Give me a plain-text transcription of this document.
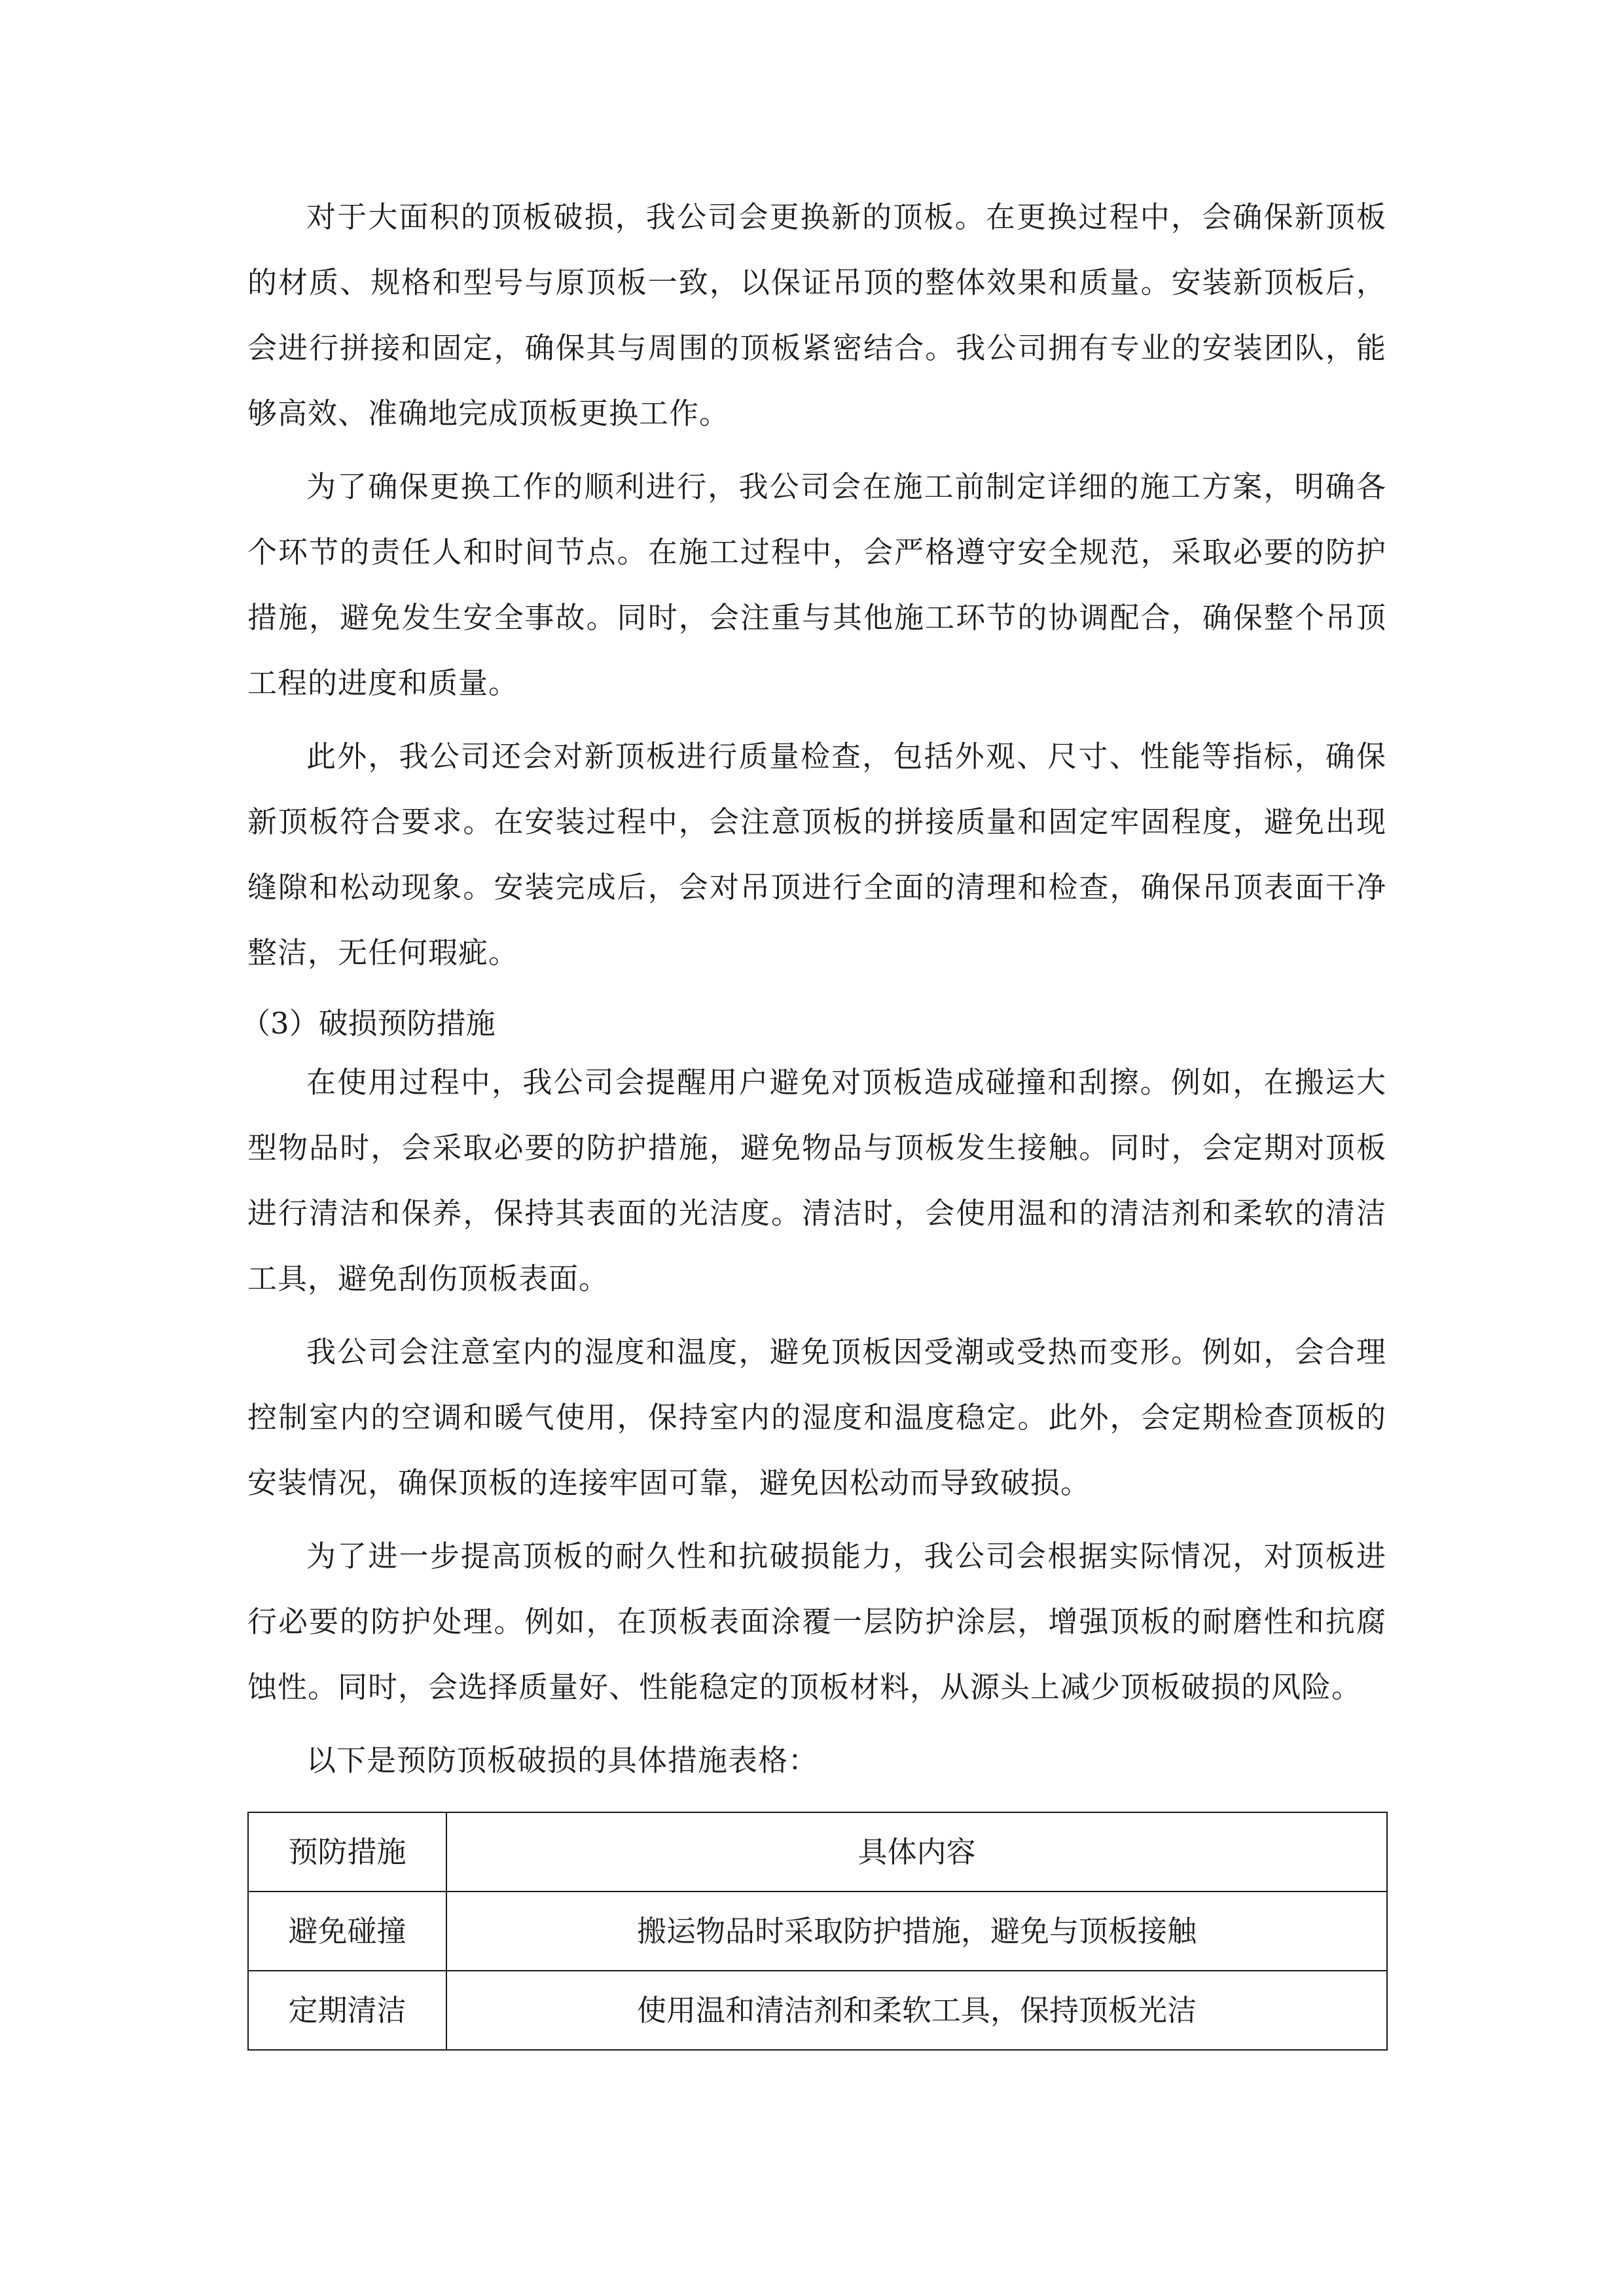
对于大面积的顶板破损，我公司会更换新的顶板。在更换过程中，会确保新顶板的材质、规格和型号与原顶板一致，以保证吊顶的整体效果和质量。安装新顶板后，会进行拼接和固定，确保其与周围的顶板紧密结合。我公司拥有专业的安装团队，能够高效、准确地完成顶板更换工作。

为了确保更换工作的顺利进行，我公司会在施工前制定详细的施工方案，明确各个环节的责任人和时间节点。在施工过程中，会严格遵守安全规范，采取必要的防护措施，避免发生安全事故。同时，会注重与其他施工环节的协调配合，确保整个吊顶工程的进度和质量。

此外，我公司还会对新顶板进行质量检查，包括外观、尺寸、性能等指标，确保新顶板符合要求。在安装过程中，会注意顶板的拼接质量和固定牢固程度，避免出现缝隙和松动现象。安装完成后，会对吊顶进行全面的清理和检查，确保吊顶表面干净整洁，无任何瑕疵。

（3）破损预防措施

在使用过程中，我公司会提醒用户避免对顶板造成碰撞和刮擦。例如，在搬运大型物品时，会采取必要的防护措施，避免物品与顶板发生接触。同时，会定期对顶板进行清洁和保养，保持其表面的光洁度。清洁时，会使用温和的清洁剂和柔软的清洁工具，避免刮伤顶板表面。

我公司会注意室内的湿度和温度，避免顶板因受潮或受热而变形。例如，会合理控制室内的空调和暖气使用，保持室内的湿度和温度稳定。此外，会定期检查顶板的安装情况，确保顶板的连接牢固可靠，避免因松动而导致破损。

为了进一步提高顶板的耐久性和抗破损能力，我公司会根据实际情况，对顶板进行必要的防护处理。例如，在顶板表面涂覆一层防护涂层，增强顶板的耐磨性和抗腐蚀性。同时，会选择质量好、性能稳定的顶板材料，从源头上减少顶板破损的风险。

以下是预防顶板破损的具体措施表格：

预防措施	具体内容
避免碰撞	搬运物品时采取防护措施，避免与顶板接触
定期清洁	使用温和清洁剂和柔软工具，保持顶板光洁
